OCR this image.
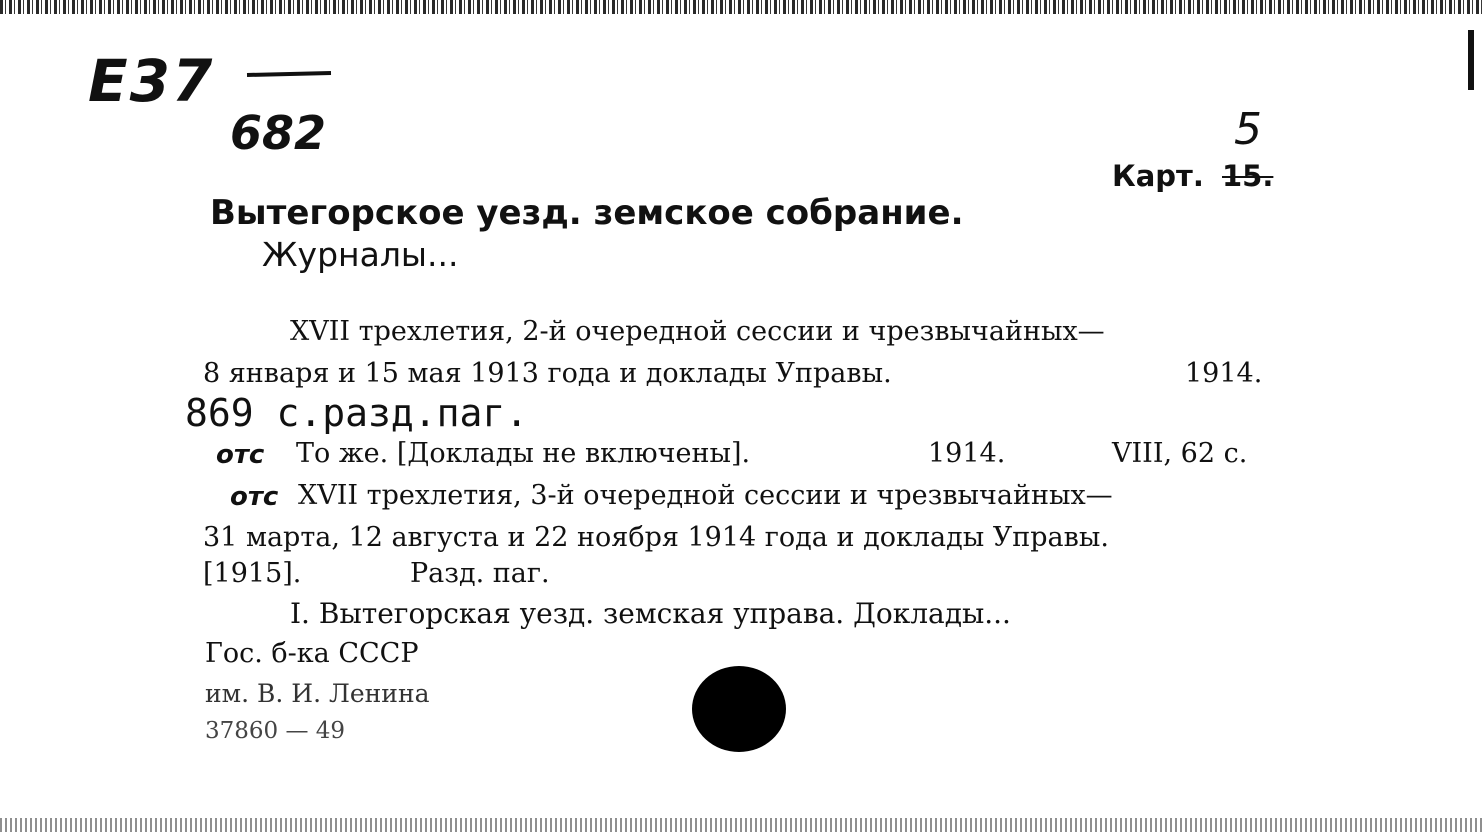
Е37
682
Карт. 15.
5
Вытегорское уезд. земское собрание.
Журналы...
XVII трехлетия, 2-й очередной сессии и чрезвычайных—
8 января и 15 мая 1913 года и доклады Управы.	1914.
869 с.разд.паг.
отс То же. [Доклады не включены].	1914.	VIII, 62 с.
отс XVII трехлетия, 3-й очередной сессии и чрезвычайных—
31 марта, 12 августа и 22 ноября 1914 года и доклады Управы.
[1915].	Разд. паг.
I. Вытегорская уезд. земская управа. Доклады...
Гос. б-ка СССР
им. В. И. Ленина
37860 — 49
